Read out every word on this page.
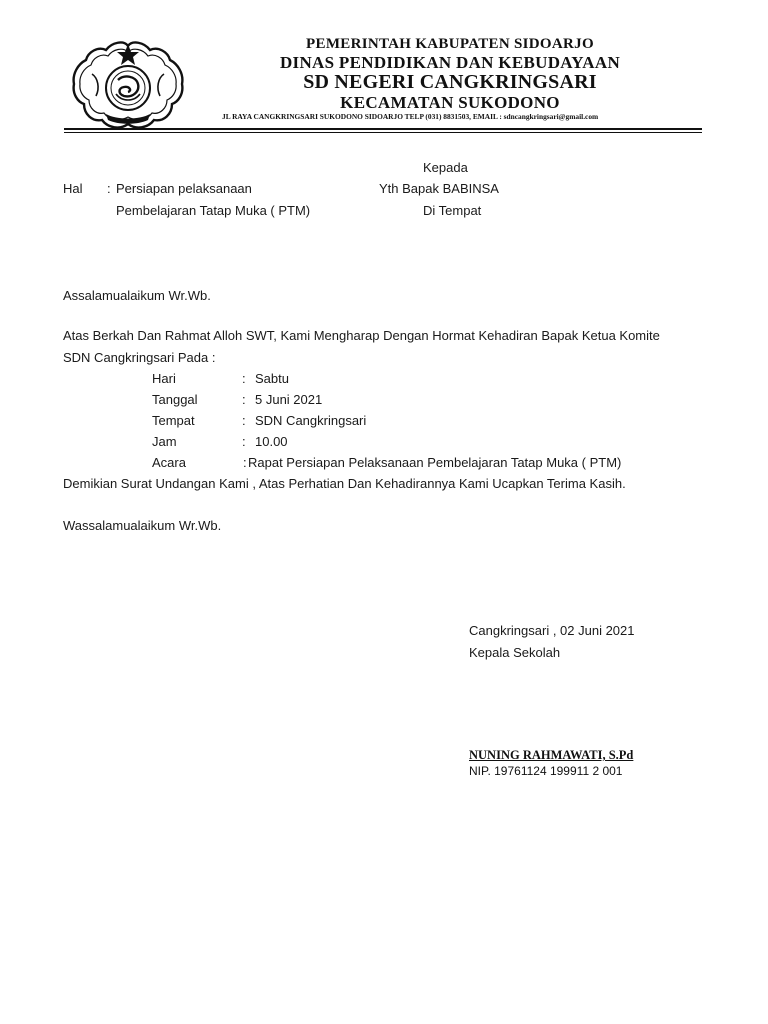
PEMERINTAH KABUPATEN SIDOARJO
DINAS PENDIDIKAN DAN KEBUDAYAAN
SD NEGERI CANGKRINGSARI
KECAMATAN SUKODONO
JL RAYA CANGKRINGSARI SUKODONO SIDOARJO TELP (031) 8831503, EMAIL : sdncangkringsari@gmail.com
Kepada
Yth Bapak BABINSA
Di Tempat
Hal : Persiapan pelaksanaan
Pembelajaran Tatap Muka ( PTM)
Assalamualaikum Wr.Wb.
Atas Berkah Dan Rahmat Alloh SWT, Kami Mengharap Dengan Hormat Kehadiran Bapak Ketua Komite
SDN Cangkringsari Pada :
Hari	: Sabtu
Tanggal	: 5 Juni 2021
Tempat	: SDN Cangkringsari
Jam	: 10.00
Acara	: Rapat Persiapan Pelaksanaan Pembelajaran Tatap Muka ( PTM)
Demikian Surat Undangan Kami , Atas Perhatian Dan Kehadirannya Kami Ucapkan Terima Kasih.
Wassalamualaikum Wr.Wb.
Cangkringsari , 02 Juni 2021
Kepala Sekolah
NUNING RAHMAWATI, S.Pd
NIP. 19761124 199911 2 001
